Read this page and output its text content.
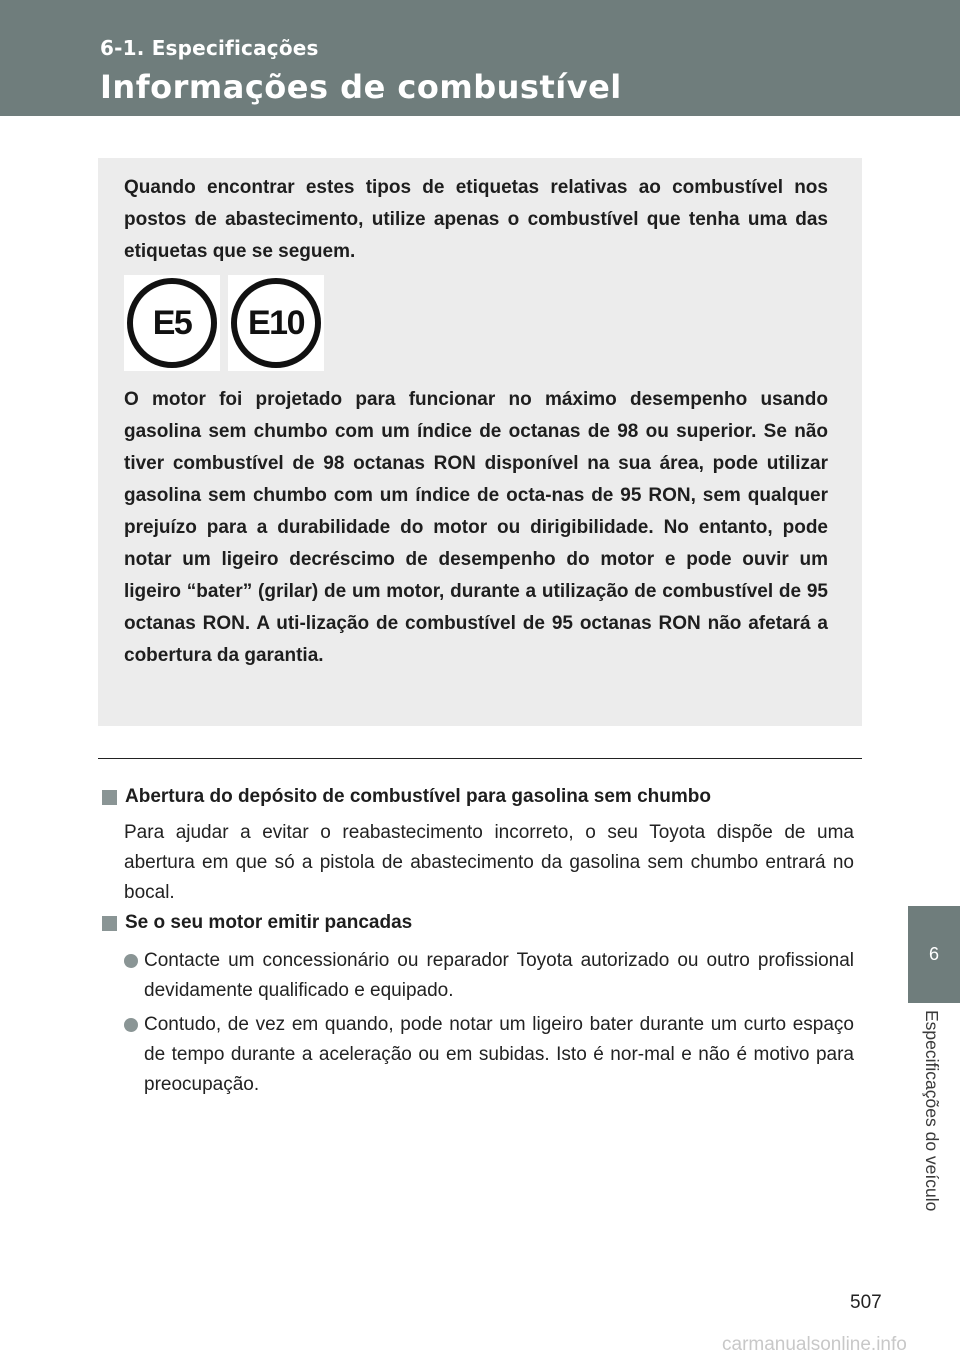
6-1. Especificações
Informações de combustível
6
Especificações do veículo
Quando encontrar estes tipos de etiquetas relativas ao combustível nos postos de abastecimento, utilize apenas o combustível que tenha uma das etiquetas que se seguem.
E5 E10
O motor foi projetado para funcionar no máximo desempenho usando gasolina sem chumbo com um índice de octanas de 98 ou superior. Se não tiver combustível de 98 octanas RON disponível na sua área, pode utilizar gasolina sem chumbo com um índice de octa-nas de 95 RON, sem qualquer prejuízo para a durabilidade do motor ou dirigibilidade. No entanto, pode notar um ligeiro decréscimo de desempenho do motor e pode ouvir um ligeiro “bater” (grilar) de um motor, durante a utilização de combustível de 95 octanas RON. A uti-lização de combustível de 95 octanas RON não afetará a cobertura da garantia.
Abertura do depósito de combustível para gasolina sem chumbo
Para ajudar a evitar o reabastecimento incorreto, o seu Toyota dispõe de uma abertura em que só a pistola de abastecimento da gasolina sem chumbo entrará no bocal.
Se o seu motor emitir pancadas
Contacte um concessionário ou reparador Toyota autorizado ou outro profissional devidamente qualificado e equipado.
Contudo, de vez em quando, pode notar um ligeiro bater durante um curto espaço de tempo durante a aceleração ou em subidas. Isto é nor-mal e não é motivo para preocupação.
507
carmanualsonline.info
